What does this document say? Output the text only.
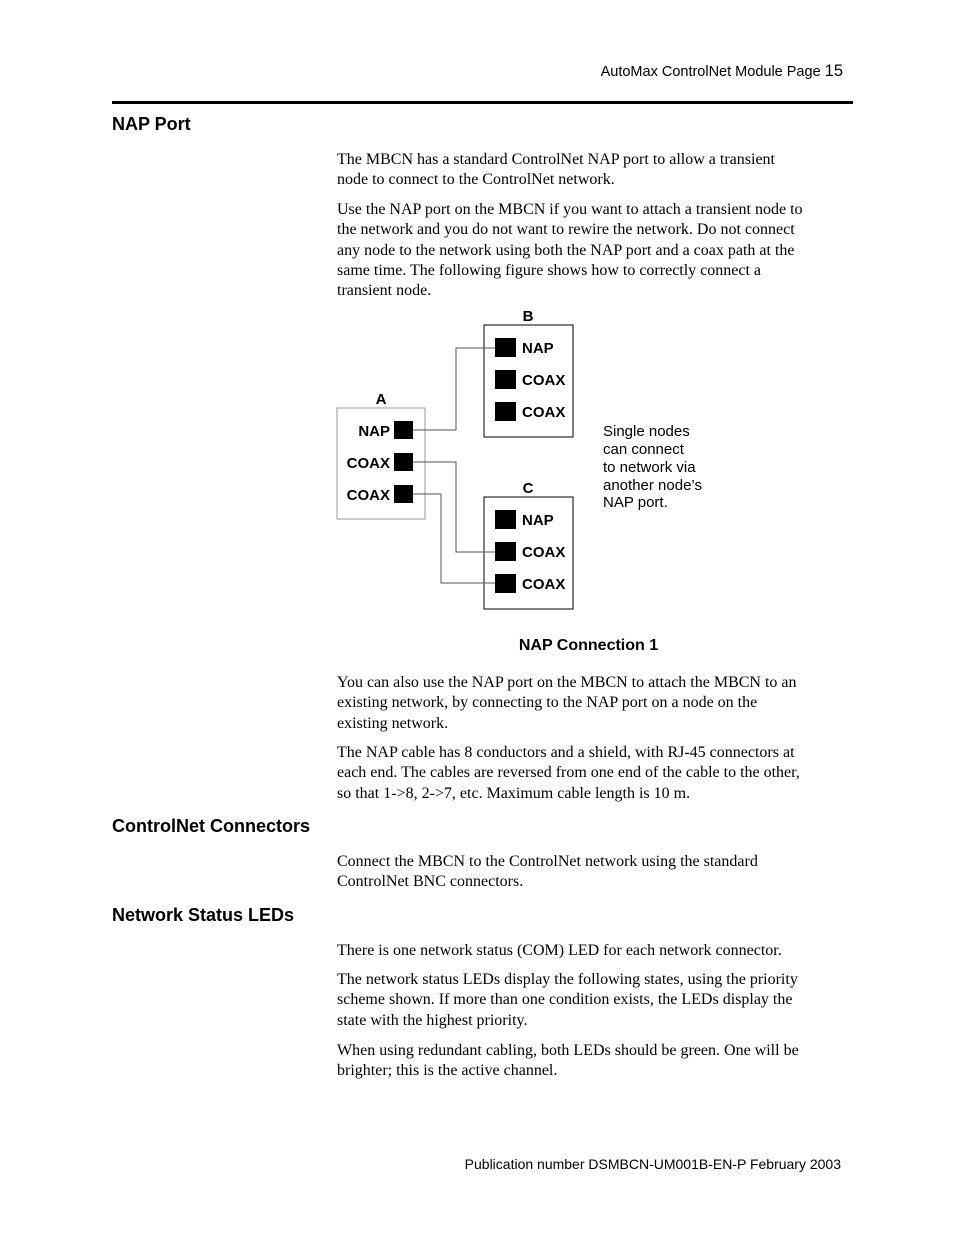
AutoMax ControlNet Module Page 15
NAP Port

The MBCN has a standard ControlNet NAP port to allow a transient
node to connect to the ControlNet network.

Use the NAP port on the MBCN if you want to attach a transient node to
the network and you do not want to rewire the network. Do not connect
any node to the network using both the NAP port and a coax path at the
same time. The following figure shows how to correctly connect a
transient node.

A
NAP
COAX
COAX
B
NAP
COAX
COAX
C
NAP
COAX
COAX
Single nodes can connect to network via another node’s NAP port.
NAP Connection 1

You can also use the NAP port on the MBCN to attach the MBCN to an
existing network, by connecting to the NAP port on a node on the
existing network.

The NAP cable has 8 conductors and a shield, with RJ-45 connectors at
each end. The cables are reversed from one end of the cable to the other,
so that 1->8, 2->7, etc. Maximum cable length is 10 m.

ControlNet Connectors

Connect the MBCN to the ControlNet network using the standard
ControlNet BNC connectors.

Network Status LEDs

There is one network status (COM) LED for each network connector.

The network status LEDs display the following states, using the priority
scheme shown. If more than one condition exists, the LEDs display the
state with the highest priority.

When using redundant cabling, both LEDs should be green. One will be
brighter; this is the active channel.

Publication number DSMBCN-UM001B-EN-P February 2003
